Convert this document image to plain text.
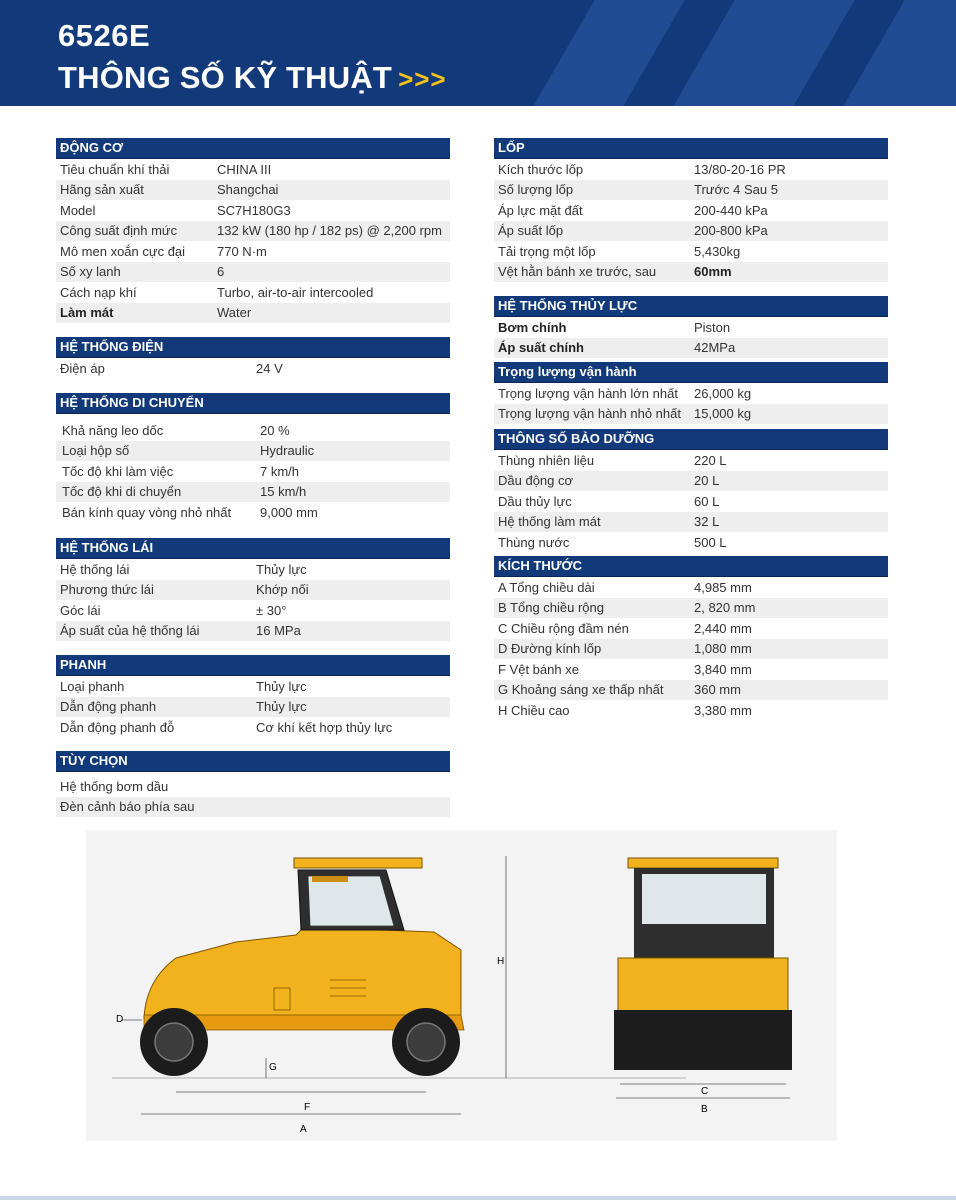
6526E
THÔNG SỐ KỸ THUẬT >>>
ĐỘNG CƠ
Tiêu chuẩn khí thải	CHINA III
Hãng sản xuất	Shangchai
Model	SC7H180G3
Công suất định mức	132 kW (180 hp / 182 ps) @ 2,200 rpm
Mô men xoắn cực đại	770 N·m
Số xy lanh	6
Cách nạp khí	Turbo, air-to-air intercooled
Làm mát	Water
HỆ THỐNG ĐIỆN
Điện áp	24 V
HỆ THỐNG DI CHUYỂN
Khả năng leo dốc	20 %
Loại hộp số	Hydraulic
Tốc độ khi làm việc	7 km/h
Tốc độ khi di chuyển	15 km/h
Bán kính quay vòng nhỏ nhất	9,000 mm
HỆ THỐNG LÁI
Hệ thống lái	Thủy lực
Phương thức lái	Khớp nối
Góc lái	± 30°
Áp suất của hệ thống lái	16 MPa
PHANH
Loại phanh	Thủy lực
Dẫn động phanh	Thủy lực
Dẫn động phanh đỗ	Cơ khí kết hợp thủy lực
TÙY CHỌN
Hệ thống bơm dầu
Đèn cảnh báo phía sau
LỐP
Kích thước lốp	13/80-20-16 PR
Số lượng lốp	Trước 4 Sau 5
Áp lực mặt đất	200-440 kPa
Áp suất lốp	200-800 kPa
Tải trọng một lốp	5,430kg
Vệt hằn bánh xe trước, sau	60mm
HỆ THỐNG THỦY LỰC
Bơm chính	Piston
Áp suất chính	42MPa
Trọng lượng vận hành
Trọng lượng vận hành lớn nhất	26,000 kg
Trọng lượng vận hành nhỏ nhất	15,000 kg
THÔNG SỐ BẢO DƯỠNG
Thùng nhiên liệu	220 L
Dầu động cơ	20 L
Dầu thủy lực	60 L
Hệ thống làm mát	32 L
Thùng nước	500 L
KÍCH THƯỚC
A Tổng chiều dài	4,985 mm
B Tổng chiều rộng	2, 820 mm
C Chiều rộng đầm nén	2,440 mm
D Đường kính lốp	1,080 mm
F Vệt bánh xe	3,840 mm
G Khoảng sáng xe thấp nhất	360 mm
H Chiều cao	3,380 mm
F
A
G
D
H
C
B
